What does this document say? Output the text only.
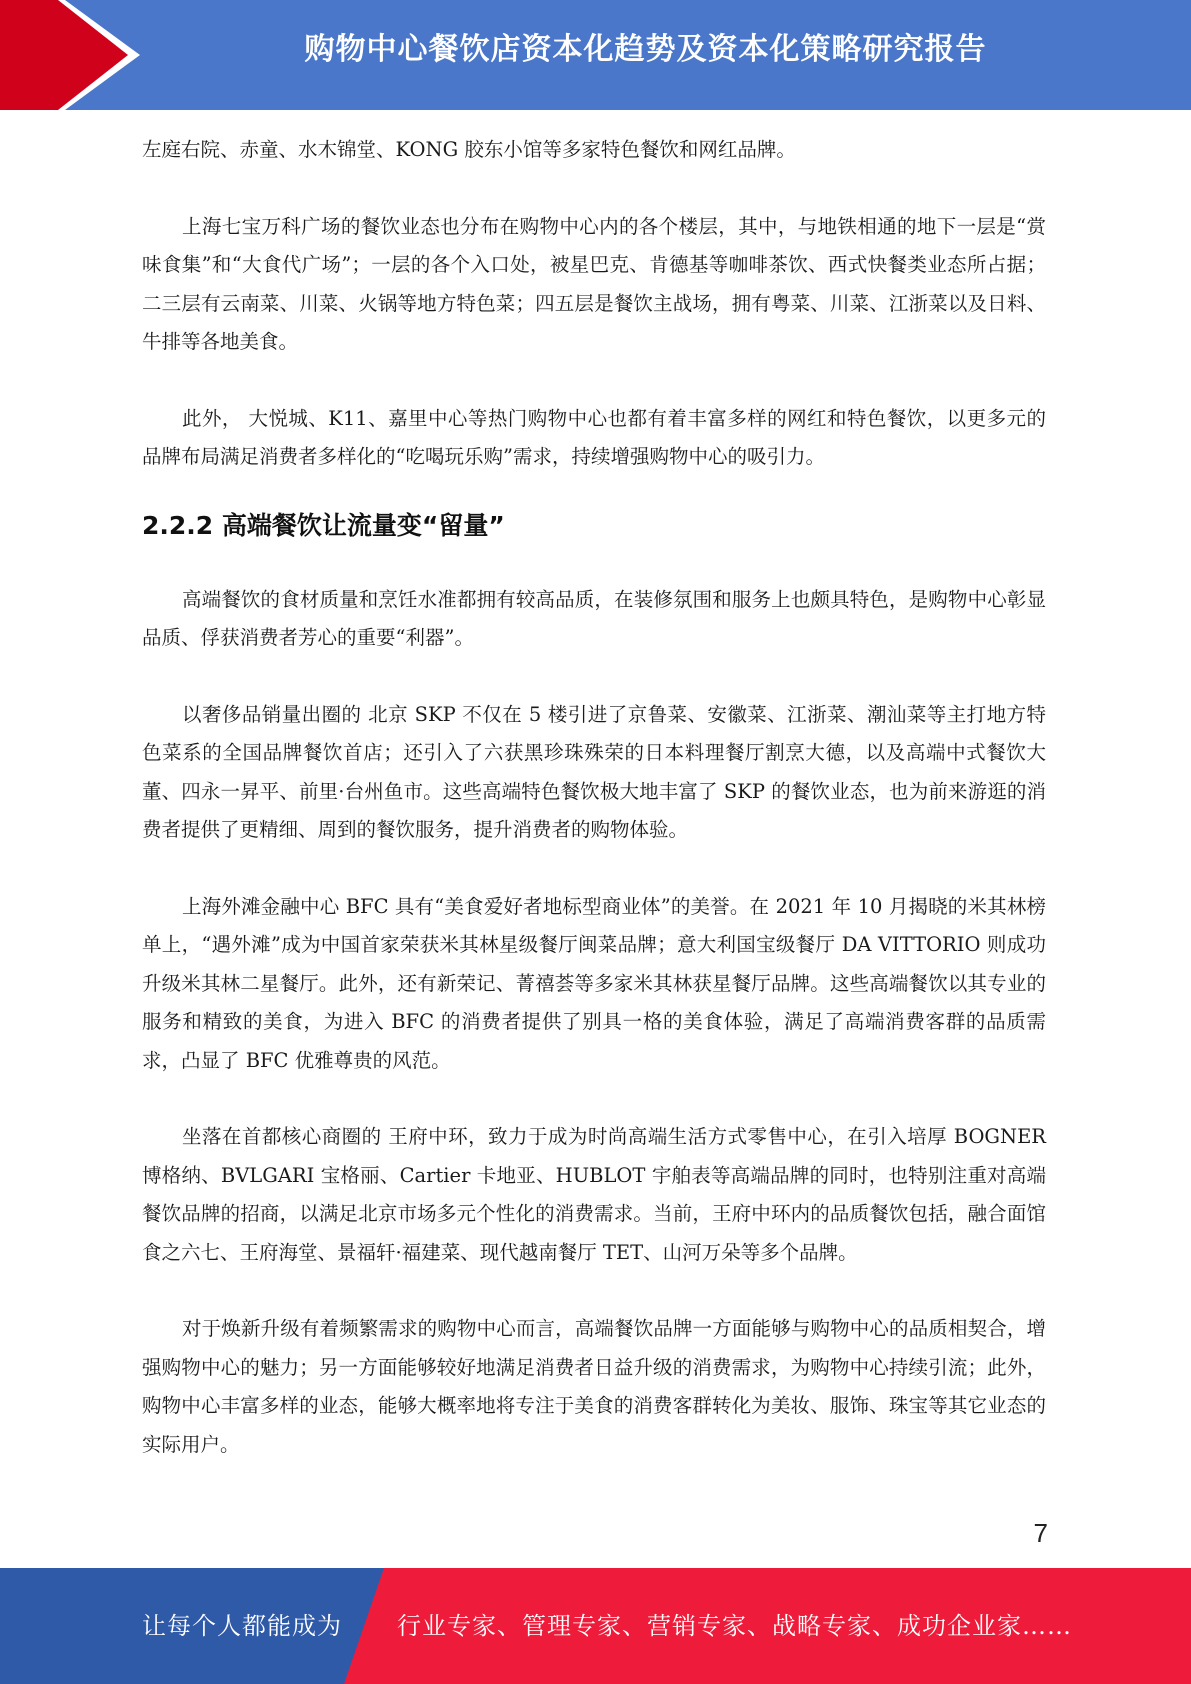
购物中心餐饮店资本化趋势及资本化策略研究报告

左庭右院、赤童、水木锦堂、KONG 胶东小馆等多家特色餐饮和网红品牌。

上海七宝万科广场的餐饮业态也分布在购物中心内的各个楼层，其中，与地铁相通的地下一层是“赏味食集”和“大食代广场”；一层的各个入口处，被星巴克、肯德基等咖啡茶饮、西式快餐类业态所占据；二三层有云南菜、川菜、火锅等地方特色菜；四五层是餐饮主战场，拥有粤菜、川菜、江浙菜以及日料、牛排等各地美食。

此外， 大悦城、K11、嘉里中心等热门购物中心也都有着丰富多样的网红和特色餐饮，以更多元的品牌布局满足消费者多样化的“吃喝玩乐购”需求，持续增强购物中心的吸引力。

2.2.2 高端餐饮让流量变“留量”

高端餐饮的食材质量和烹饪水准都拥有较高品质，在装修氛围和服务上也颇具特色，是购物中心彰显品质、俘获消费者芳心的重要“利器”。

以奢侈品销量出圈的 北京 SKP 不仅在 5 楼引进了京鲁菜、安徽菜、江浙菜、潮汕菜等主打地方特色菜系的全国品牌餐饮首店；还引入了六获黑珍珠殊荣的日本料理餐厅割烹大德，以及高端中式餐饮大董、四永一昇平、前里·台州鱼市。这些高端特色餐饮极大地丰富了 SKP 的餐饮业态，也为前来游逛的消费者提供了更精细、周到的餐饮服务，提升消费者的购物体验。

上海外滩金融中心 BFC 具有“美食爱好者地标型商业体”的美誉。在 2021 年 10 月揭晓的米其林榜单上，“遇外滩”成为中国首家荣获米其林星级餐厅闽菜品牌；意大利国宝级餐厅 DA VITTORIO 则成功升级米其林二星餐厅。此外，还有新荣记、菁禧荟等多家米其林获星餐厅品牌。这些高端餐饮以其专业的服务和精致的美食，为进入 BFC 的消费者提供了别具一格的美食体验，满足了高端消费客群的品质需求，凸显了 BFC 优雅尊贵的风范。

坐落在首都核心商圈的 王府中环，致力于成为时尚高端生活方式零售中心，在引入培厚 BOGNER 博格纳、BVLGARI 宝格丽、Cartier 卡地亚、HUBLOT 宇舶表等高端品牌的同时，也特别注重对高端餐饮品牌的招商，以满足北京市场多元个性化的消费需求。当前，王府中环内的品质餐饮包括，融合面馆食之六七、王府海堂、景福轩·福建菜、现代越南餐厅 TET、山河万朵等多个品牌。

对于焕新升级有着频繁需求的购物中心而言，高端餐饮品牌一方面能够与购物中心的品质相契合，增强购物中心的魅力；另一方面能够较好地满足消费者日益升级的消费需求，为购物中心持续引流；此外，购物中心丰富多样的业态，能够大概率地将专注于美食的消费客群转化为美妆、服饰、珠宝等其它业态的实际用户。

7
让每个人都能成为 行业专家、管理专家、营销专家、战略专家、成功企业家……
